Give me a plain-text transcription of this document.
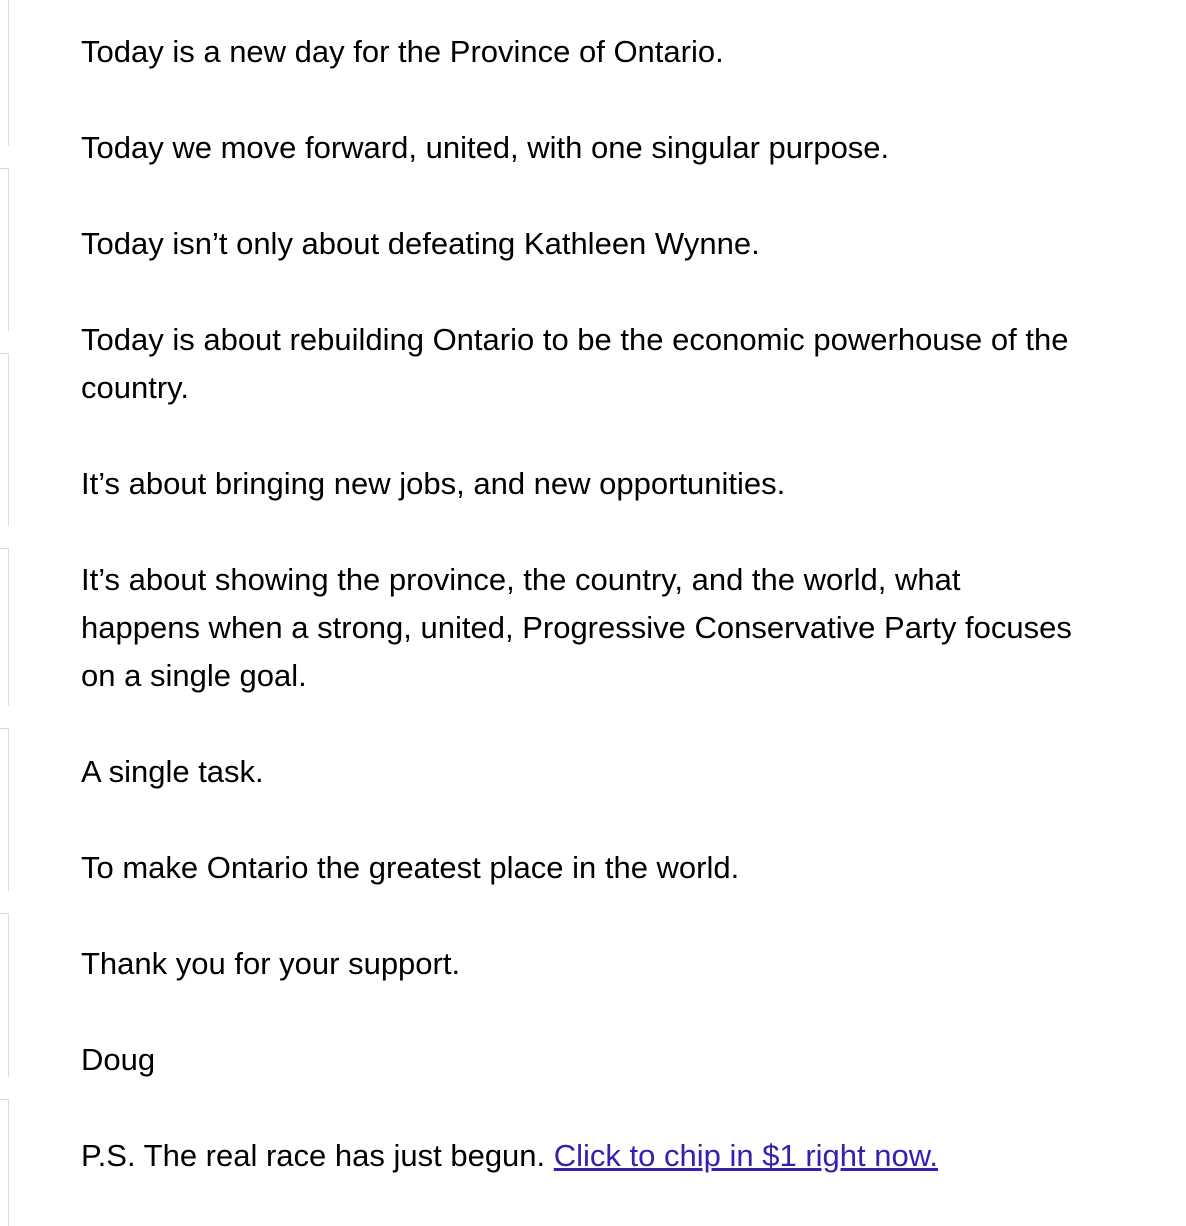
Today is a new day for the Province of Ontario.

Today we move forward, united, with one singular purpose.

Today isn’t only about defeating Kathleen Wynne.

Today is about rebuilding Ontario to be the economic powerhouse of the country.

It’s about bringing new jobs, and new opportunities.

It’s about showing the province, the country, and the world, what happens when a strong, united, Progressive Conservative Party focuses on a single goal.

A single task.

To make Ontario the greatest place in the world.

Thank you for your support.

Doug

P.S. The real race has just begun. Click to chip in $1 right now.
